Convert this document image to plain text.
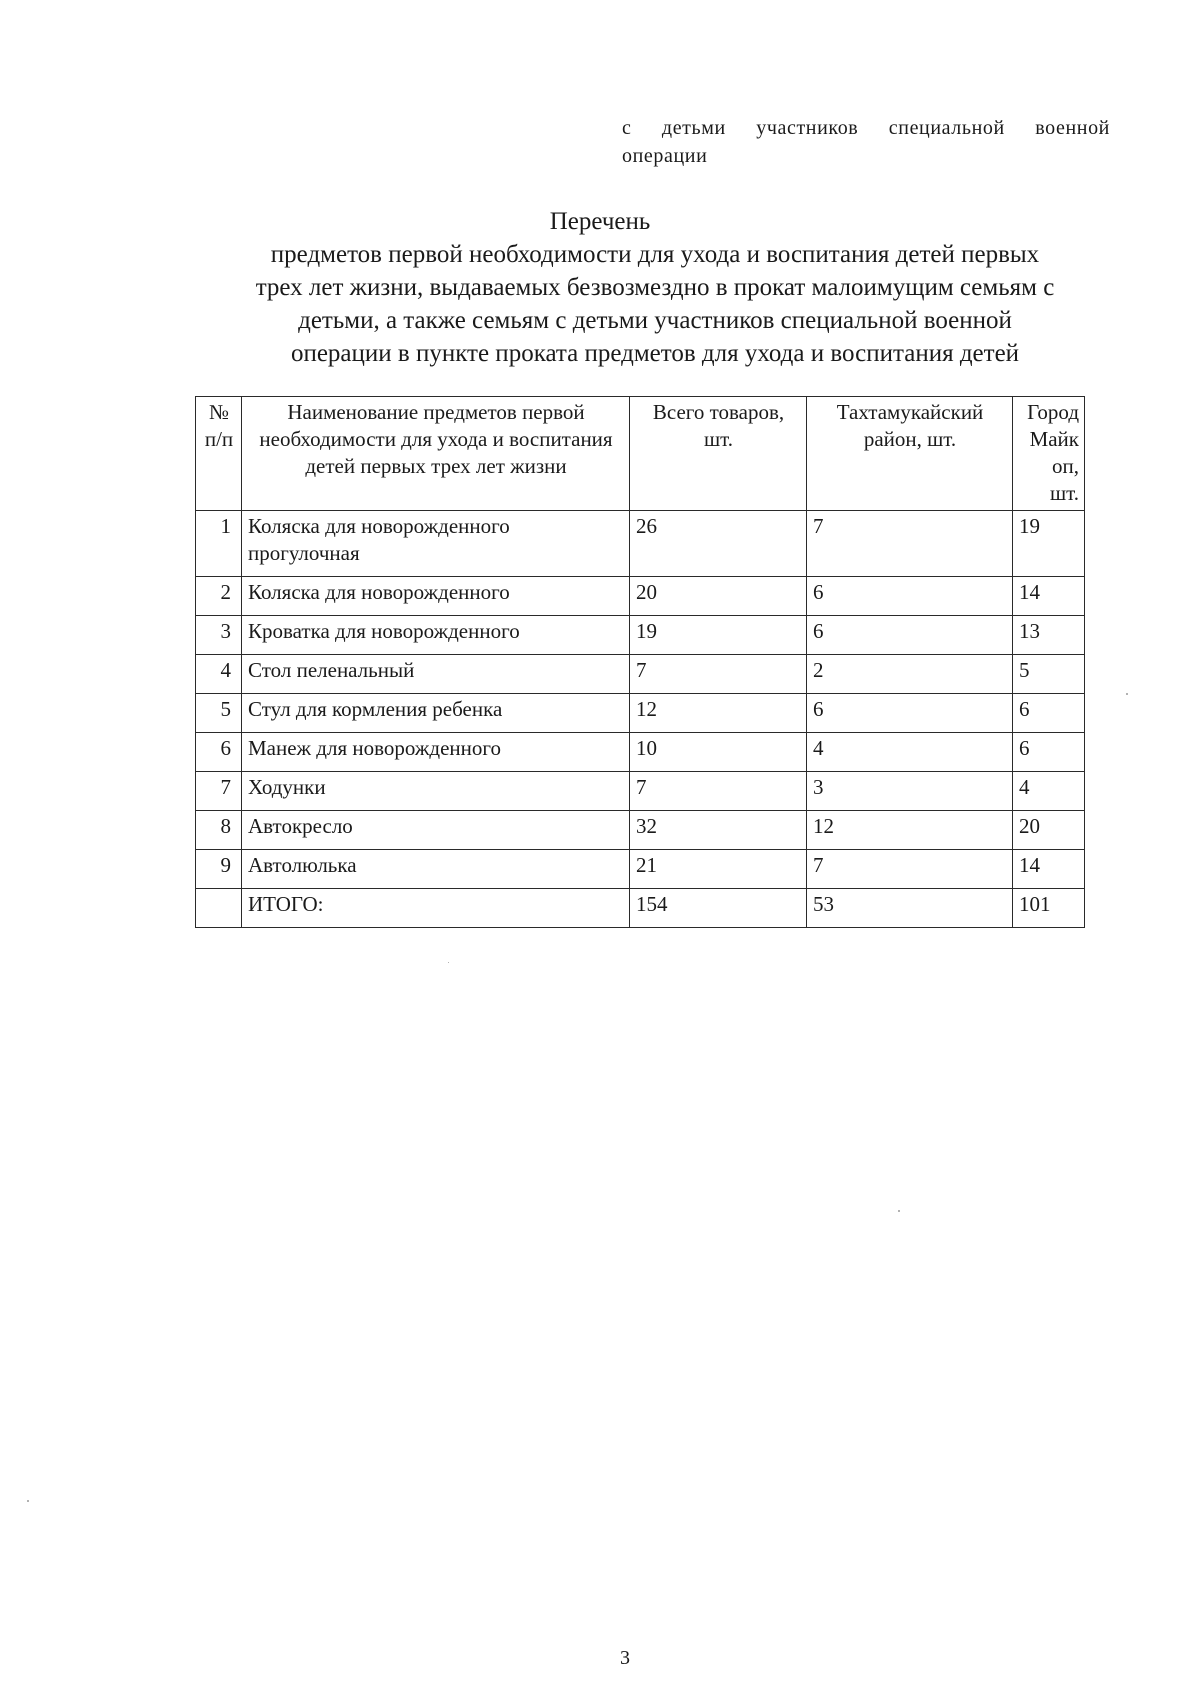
с детьми участников специальной военной операции
Перечень
предметов первой необходимости для ухода и воспитания детей первых
трех лет жизни, выдаваемых безвозмездно в прокат малоимущим семьям с
детьми, а также семьям с детьми участников специальной военной
операции в пункте проката предметов для ухода и воспитания детей
№ п/п	Наименование предметов первой необходимости для ухода и воспитания детей первых трех лет жизни	Всего товаров, шт.	Тахтамукайский район, шт.	Город Майк оп, шт.
1	Коляска для новорожденного прогулочная	26	7	19
2	Коляска для новорожденного	20	6	14
3	Кроватка для новорожденного	19	6	13
4	Стол пеленальный	7	2	5
5	Стул для кормления ребенка	12	6	6
6	Манеж для новорожденного	10	4	6
7	Ходунки	7	3	4
8	Автокресло	32	12	20
9	Автолюлька	21	7	14
	ИТОГО:	154	53	101
3
